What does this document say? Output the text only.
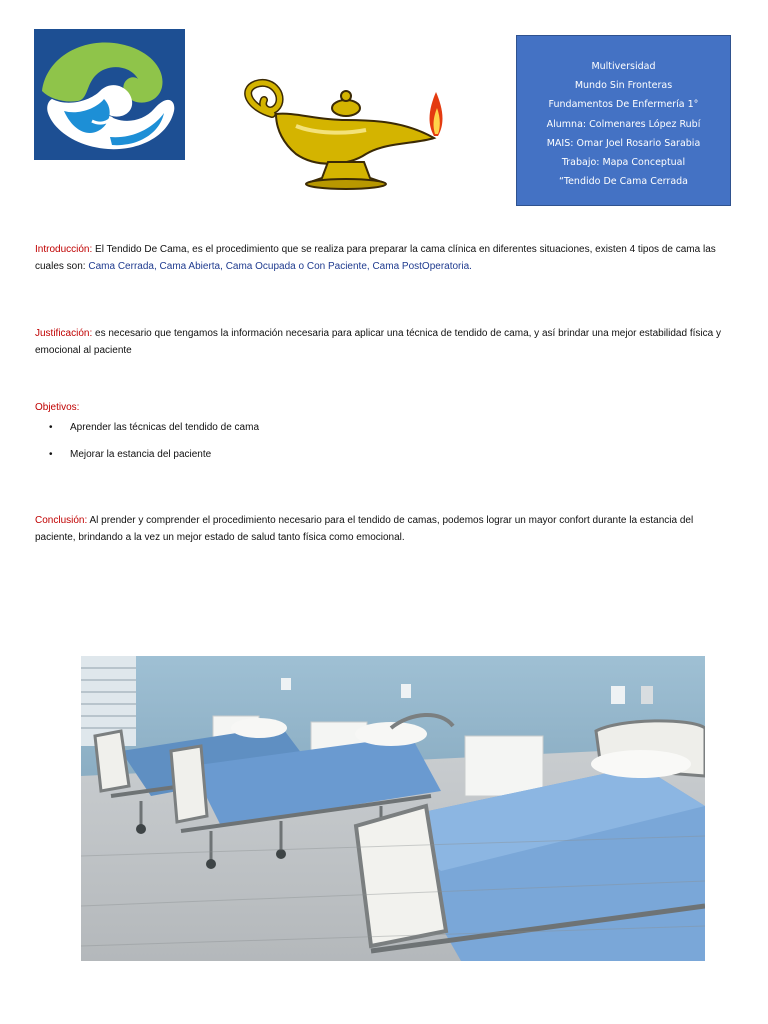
Multiversidad
Mundo Sin Fronteras
Fundamentos De Enfermería 1°
Alumna: Colmenares López Rubí
MAIS: Omar Joel Rosario Sarabia
Trabajo: Mapa Conceptual
“Tendido De Cama Cerrada

Introducción: El Tendido De Cama, es el procedimiento que se realiza para preparar la cama clínica en diferentes situaciones, existen 4 tipos de cama las cuales son: Cama Cerrada, Cama Abierta, Cama Ocupada o Con Paciente, Cama PostOperatoria.

Justificación: es necesario que tengamos la información necesaria para aplicar una técnica de tendido de cama, y así brindar una mejor estabilidad física y emocional al paciente

Objetivos:

• Aprender las técnicas del tendido de cama
• Mejorar la estancia del paciente

Conclusión: Al prender y comprender el procedimiento necesario para el tendido de camas, podemos lograr un mayor confort durante la estancia del paciente, brindando a la vez un mejor estado de salud tanto física como emocional.
